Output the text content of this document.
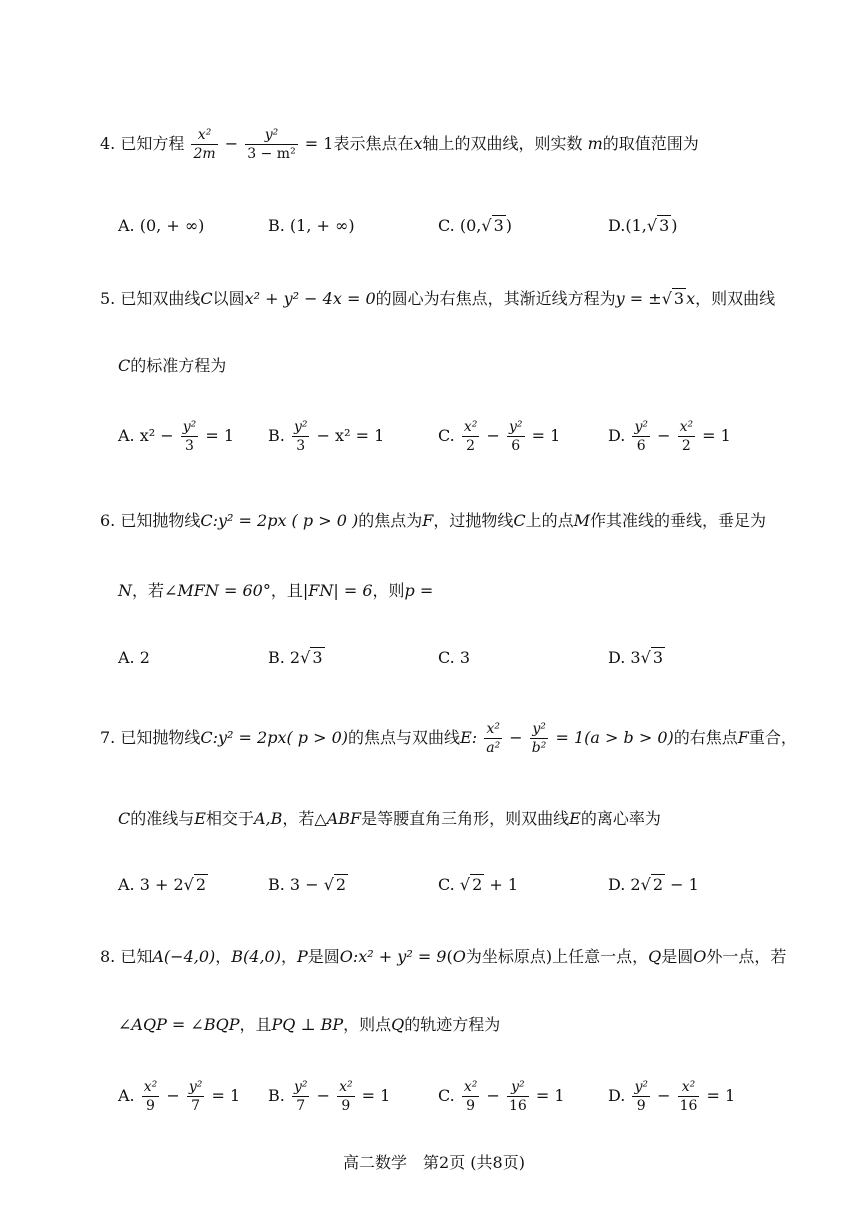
4. 已知方程 $\frac{\text{x²}}{2m} - \frac{\text{y²}}{\text{3 − m²}} = 1$表示焦点在x轴上的双曲线，则实数 m的取值范围为
A. (0, + ∞)	B. (1, + ∞)	C. (0,√ 3 )	D.(1,√ 3 )
5. 已知双曲线C以圆x² + y² − 4x = 0的圆心为右焦点，其渐近线方程为y = ±√ 3 x，则双曲线
C的标准方程为
A. $x^2 - \frac{\text{y²}}{3} = 1$ B. $\frac{\text{y²}}{3} - x^2 = 1$	C. $\frac{\text{x²}}{2} - \frac{\text{y²}}{6} = 1$	D. $\frac{\text{y²}}{6} - \frac{\text{x²}}{2} = 1$
6. 已知抛物线C:y² = 2px ( p > 0 )的焦点为F，过抛物线C上的点M作其准线的垂线，垂足为
N，若∠MFN = 60°，且|FN| = 6，则p =
A. 2	B. 2√ 3	C. 3	D. 3√ 3
7. 已知抛物线C:y² = 2px( p > 0)的焦点与双曲线E: $\frac{\text{x²}}{\text{a²}} - \frac{\text{y²}}{\text{b²}} = 1(a > b > 0)$的右焦点F重合，
C的准线与E相交于A,B，若△ABF是等腰直角三角形，则双曲线E的离心率为
A. 3 + 2√ 2	B. 3 − √ 2	C. √ 2 + 1	D. 2√ 2 − 1
8. 已知A(−4,0)，B(4,0)，P是圆O:x² + y² = 9(O为坐标原点)上任意一点，Q是圆O外一点，若
∠AQP = ∠BQP，且PQ ⊥ BP，则点Q的轨迹方程为
A. $\frac{\text{x²}}{9} - \frac{\text{y²}}{7} = 1$ B. $\frac{\text{y²}}{7} - \frac{\text{x²}}{9} = 1$	C. $\frac{\text{x²}}{9} - \frac{\text{y²}}{16} = 1$	D. $\frac{\text{y²}}{9} - \frac{\text{x²}}{16} = 1$
高二数学　第2页 (共8页)
